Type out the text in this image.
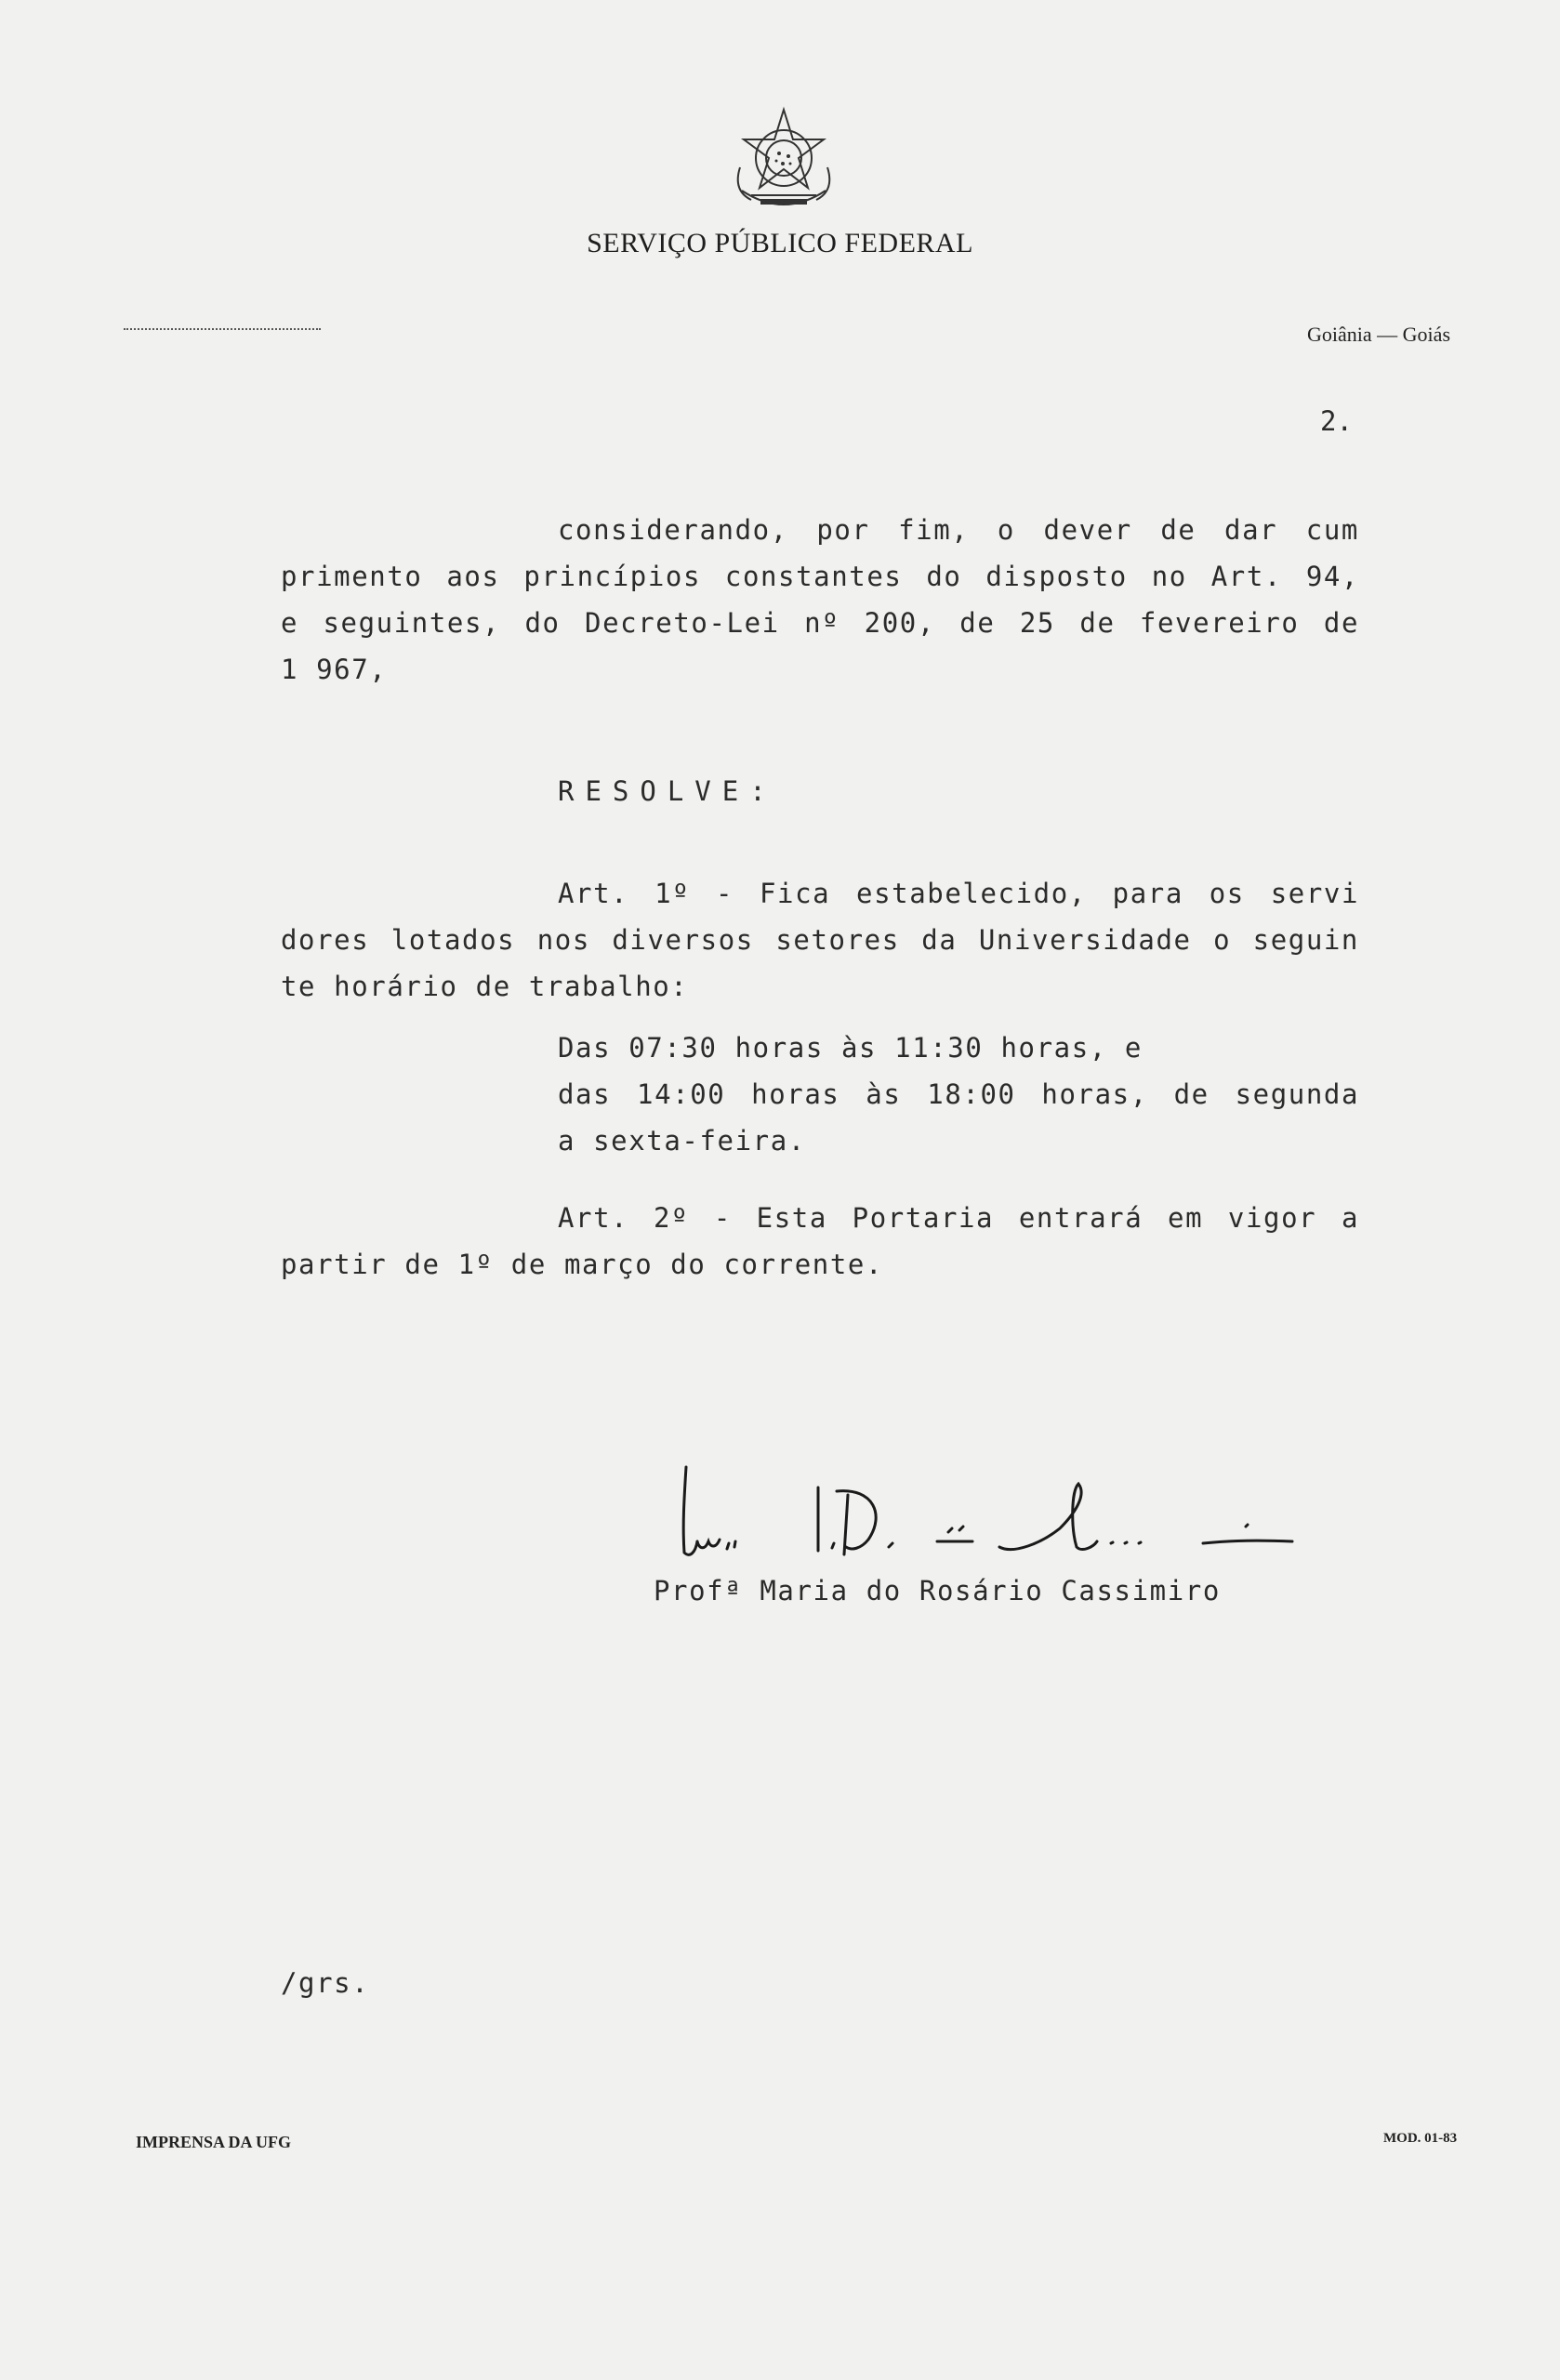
SERVIÇO PÚBLICO FEDERAL
Goiânia — Goiás
2.
considerando, por fim, o dever de dar cum
primento aos princípios constantes do disposto no Art. 94,
e seguintes, do Decreto-Lei nº 200, de 25 de fevereiro de
1 967,
RESOLVE:
Art. 1º - Fica estabelecido, para os servi
dores lotados nos diversos setores da Universidade o seguin
te horário de trabalho:
Das 07:30 horas às 11:30 horas, e
das 14:00 horas às 18:00 horas, de segunda
a sexta-feira.
Art. 2º - Esta Portaria entrará em vigor a
partir de 1º de março do corrente.
Profª Maria do Rosário Cassimiro
/grs.
IMPRENSA DA UFG	MOD. 01-83
